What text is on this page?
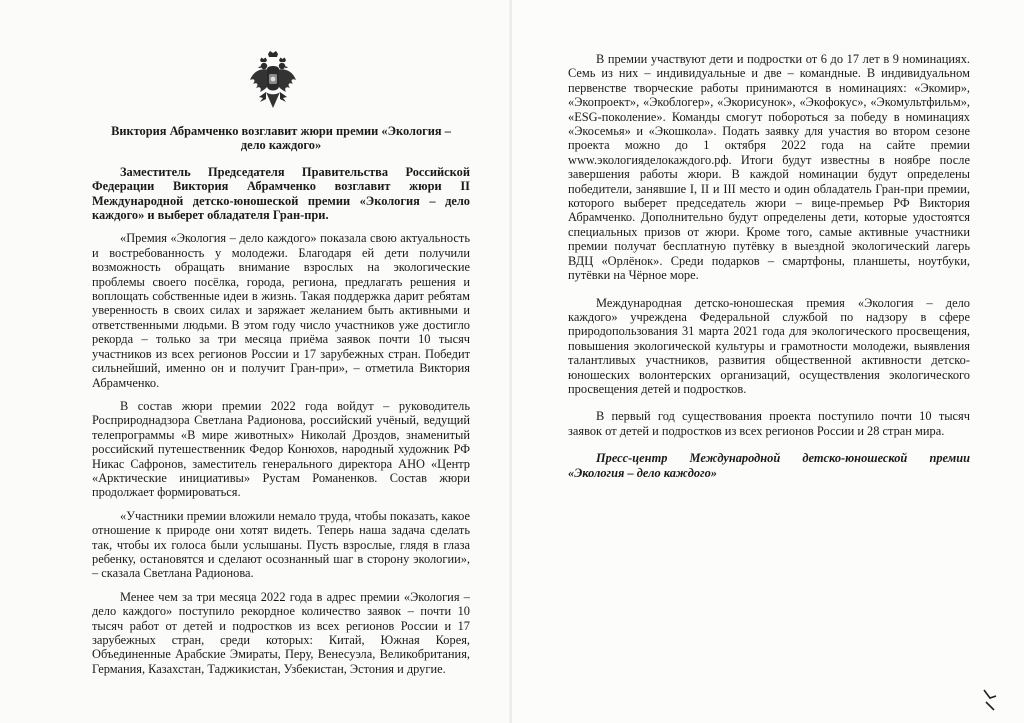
Виктория Абрамченко возглавит жюри премии «Экология – дело каждого»

Заместитель Председателя Правительства Российской Федерации Виктория Абрамченко возглавит жюри II Международной детско-юношеской премии «Экология – дело каждого» и выберет обладателя Гран-при.

«Премия «Экология – дело каждого» показала свою актуальность и востребованность у молодежи. Благодаря ей дети получили возможность обращать внимание взрослых на экологические проблемы своего посёлка, города, региона, предлагать решения и воплощать собственные идеи в жизнь. Такая поддержка дарит ребятам уверенность в своих силах и заряжает желанием быть активными и ответственными людьми. В этом году число участников уже достигло рекорда – только за три месяца приёма заявок почти 10 тысяч участников из всех регионов России и 17 зарубежных стран. Победит сильнейший, именно он и получит Гран-при», – отметила Виктория Абрамченко.

В состав жюри премии 2022 года войдут – руководитель Росприроднадзора Светлана Радионова, российский учёный, ведущий телепрограммы «В мире животных» Николай Дроздов, знаменитый российский путешественник Федор Конюхов, народный художник РФ Никас Сафронов, заместитель генерального директора АНО «Центр «Арктические инициативы» Рустам Романенков. Состав жюри продолжает формироваться.

«Участники премии вложили немало труда, чтобы показать, какое отношение к природе они хотят видеть. Теперь наша задача сделать так, чтобы их голоса были услышаны. Пусть взрослые, глядя в глаза ребенку, остановятся и сделают осознанный шаг в сторону экологии», – сказала Светлана Радионова.

Менее чем за три месяца 2022 года в адрес премии «Экология – дело каждого» поступило рекордное количество заявок – почти 10 тысяч работ от детей и подростков из всех регионов России и 17 зарубежных стран, среди которых: Китай, Южная Корея, Объединенные Арабские Эмираты, Перу, Венесуэла, Великобритания, Германия, Казахстан, Таджикистан, Узбекистан, Эстония и другие.

В премии участвуют дети и подростки от 6 до 17 лет в 9 номинациях. Семь из них – индивидуальные и две – командные. В индивидуальном первенстве творческие работы принимаются в номинациях: «Экомир», «Экопроект», «Экоблогер», «Экорисунок», «Экофокус», «Экомультфильм», «ESG-поколение». Команды смогут побороться за победу в номинациях «Экосемья» и «Экошкола». Подать заявку для участия во втором сезоне проекта можно до 1 октября 2022 года на сайте премии www.экологияделокаждого.рф. Итоги будут известны в ноябре после завершения работы жюри. В каждой номинации будут определены победители, занявшие I, II и III место и один обладатель Гран-при премии, которого выберет председатель жюри – вице-премьер РФ Виктория Абрамченко. Дополнительно будут определены дети, которые удостоятся специальных призов от жюри. Кроме того, самые активные участники премии получат бесплатную путёвку в выездной экологический лагерь ВДЦ «Орлёнок». Среди подарков – смартфоны, планшеты, ноутбуки, путёвки на Чёрное море.

Международная детско-юношеская премия «Экология – дело каждого» учреждена Федеральной службой по надзору в сфере природопользования 31 марта 2021 года для экологического просвещения, повышения экологической культуры и грамотности молодежи, выявления талантливых участников, развития общественной активности детско-юношеских волонтерских организаций, осуществления экологического просвещения детей и подростков.

В первый год существования проекта поступило почти 10 тысяч заявок от детей и подростков из всех регионов России и 28 стран мира.

Пресс-центр Международной детско-юношеской премии «Экология – дело каждого»
